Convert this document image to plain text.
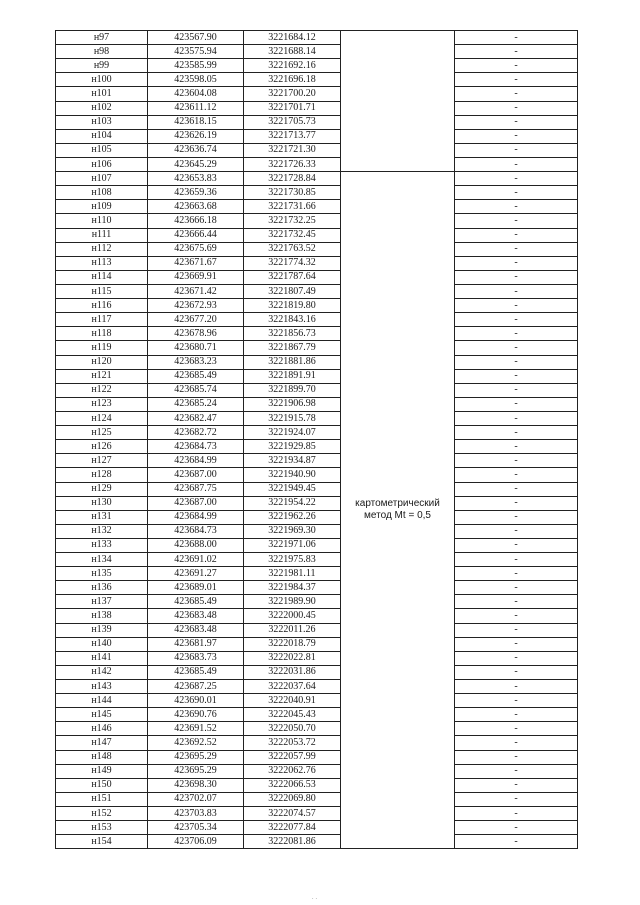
н97	423567.90	3221684.12		-
н98	423575.94	3221688.14		-
н99	423585.99	3221692.16		-
н100	423598.05	3221696.18		-
н101	423604.08	3221700.20		-
н102	423611.12	3221701.71		-
н103	423618.15	3221705.73		-
н104	423626.19	3221713.77		-
н105	423636.74	3221721.30		-
н106	423645.29	3221726.33		-
н107	423653.83	3221728.84	картометрический
метод Mt = 0,5	-
н108	423659.36	3221730.85		-
н109	423663.68	3221731.66		-
н110	423666.18	3221732.25		-
н111	423666.44	3221732.45		-
н112	423675.69	3221763.52		-
н113	423671.67	3221774.32		-
н114	423669.91	3221787.64		-
н115	423671.42	3221807.49		-
н116	423672.93	3221819.80		-
н117	423677.20	3221843.16		-
н118	423678.96	3221856.73		-
н119	423680.71	3221867.79		-
н120	423683.23	3221881.86		-
н121	423685.49	3221891.91		-
н122	423685.74	3221899.70		-
н123	423685.24	3221906.98		-
н124	423682.47	3221915.78		-
н125	423682.72	3221924.07		-
н126	423684.73	3221929.85		-
н127	423684.99	3221934.87		-
н128	423687.00	3221940.90		-
н129	423687.75	3221949.45		-
н130	423687.00	3221954.22		-
н131	423684.99	3221962.26		-
н132	423684.73	3221969.30		-
н133	423688.00	3221971.06		-
н134	423691.02	3221975.83		-
н135	423691.27	3221981.11		-
н136	423689.01	3221984.37		-
н137	423685.49	3221989.90		-
н138	423683.48	3222000.45		-
н139	423683.48	3222011.26		-
н140	423681.97	3222018.79		-
н141	423683.73	3222022.81		-
н142	423685.49	3222031.86		-
н143	423687.25	3222037.64		-
н144	423690.01	3222040.91		-
н145	423690.76	3222045.43		-
н146	423691.52	3222050.70		-
н147	423692.52	3222053.72		-
н148	423695.29	3222057.99		-
н149	423695.29	3222062.76		-
н150	423698.30	3222066.53		-
н151	423702.07	3222069.80		-
н152	423703.83	3222074.57		-
н153	423705.34	3222077.84		-
н154	423706.09	3222081.86		-
..
